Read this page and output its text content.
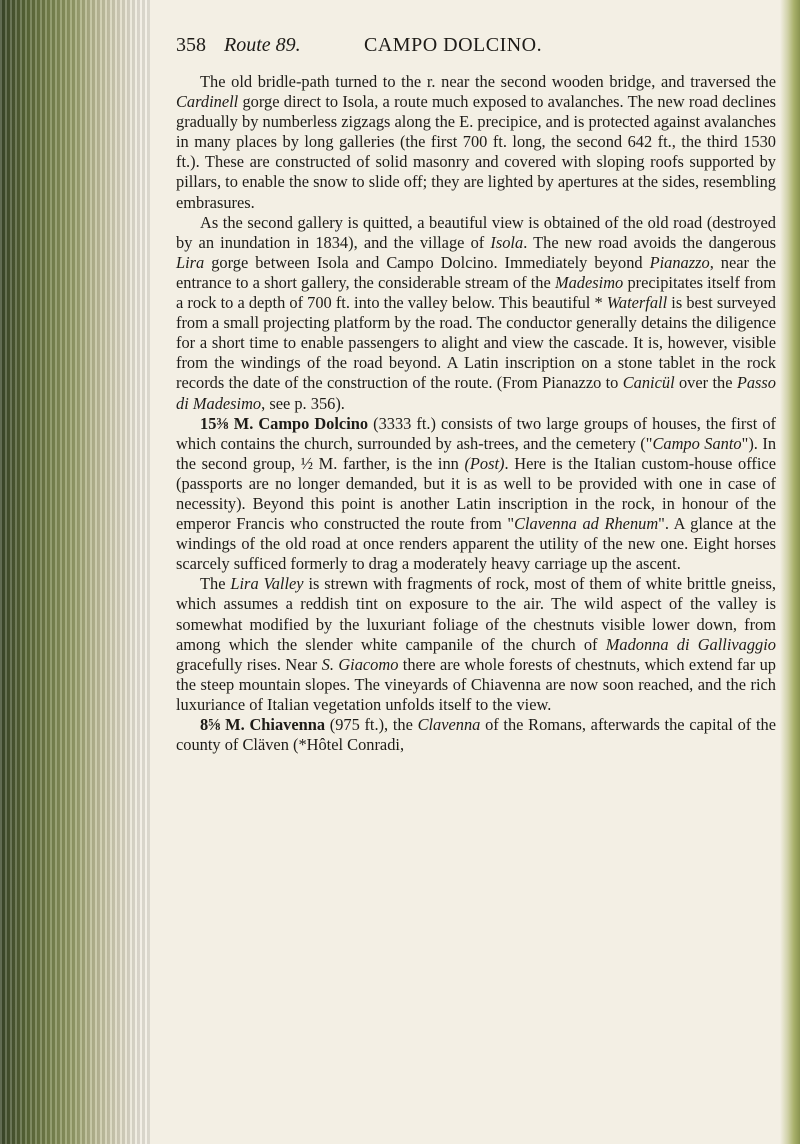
358 Route 89.	CAMPO DOLCINO.

The old bridle-path turned to the r. near the second wooden bridge, and traversed the Cardinell gorge direct to Isola, a route much exposed to avalanches. The new road declines gradually by numberless zigzags along the E. precipice, and is protected against avalanches in many places by long galleries (the first 700 ft. long, the second 642 ft., the third 1530 ft.). These are constructed of solid masonry and covered with sloping roofs supported by pillars, to enable the snow to slide off; they are lighted by apertures at the sides, resembling embrasures.

As the second gallery is quitted, a beautiful view is obtained of the old road (destroyed by an inundation in 1834), and the village of Isola. The new road avoids the dangerous Lira gorge between Isola and Campo Dolcino. Immediately beyond Pianazzo, near the entrance to a short gallery, the considerable stream of the Madesimo precipitates itself from a rock to a depth of 700 ft. into the valley below. This beautiful * Waterfall is best surveyed from a small projecting platform by the road. The conductor generally detains the diligence for a short time to enable passengers to alight and view the cascade. It is, however, visible from the windings of the road beyond. A Latin inscription on a stone tablet in the rock records the date of the construction of the route. (From Pianazzo to Canicül over the Passo di Madesimo, see p. 356).

15⅜ M. Campo Dolcino (3333 ft.) consists of two large groups of houses, the first of which contains the church, surrounded by ash-trees, and the cemetery ("Campo Santo"). In the second group, ½ M. farther, is the inn (Post). Here is the Italian custom-house office (passports are no longer demanded, but it is as well to be provided with one in case of necessity). Beyond this point is another Latin inscription in the rock, in honour of the emperor Francis who constructed the route from "Clavenna ad Rhenum". A glance at the windings of the old road at once renders apparent the utility of the new one. Eight horses scarcely sufficed formerly to drag a moderately heavy carriage up the ascent.

The Lira Valley is strewn with fragments of rock, most of them of white brittle gneiss, which assumes a reddish tint on exposure to the air. The wild aspect of the valley is somewhat modified by the luxuriant foliage of the chestnuts visible lower down, from among which the slender white campanile of the church of Madonna di Gallivaggio gracefully rises. Near S. Giacomo there are whole forests of chestnuts, which extend far up the steep mountain slopes. The vineyards of Chiavenna are now soon reached, and the rich luxuriance of Italian vegetation unfolds itself to the view.

8⅝ M. Chiavenna (975 ft.), the Clavenna of the Romans, afterwards the capital of the county of Cläven (*Hôtel Conradi,
